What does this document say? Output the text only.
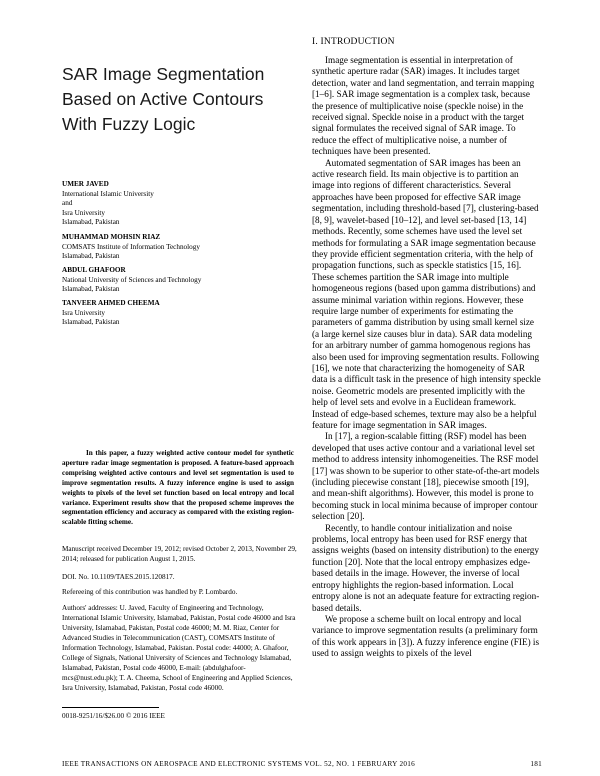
SAR Image Segmentation Based on Active Contours With Fuzzy Logic
UMER JAVED
International Islamic University
and
Isra University
Islamabad, Pakistan
MUHAMMAD MOHSIN RIAZ
COMSATS Institute of Information Technology
Islamabad, Pakistan
ABDUL GHAFOOR
National University of Sciences and Technology
Islamabad, Pakistan
TANVEER AHMED CHEEMA
Isra University
Islamabad, Pakistan

In this paper, a fuzzy weighted active contour model for synthetic aperture radar image segmentation is proposed. A feature-based approach comprising weighted active contours and level set segmentation is used to improve segmentation results. A fuzzy inference engine is used to assign weights to pixels of the level set function based on local entropy and local variance. Experiment results show that the proposed scheme improves the segmentation efficiency and accuracy as compared with the existing region-scalable fitting scheme.

Manuscript received December 19, 2012; revised October 2, 2013, November 29, 2014; released for publication August 1, 2015.

DOI. No. 10.1109/TAES.2015.120817.

Refereeing of this contribution was handled by P. Lombardo.

Authors' addresses: U. Javed, Faculty of Engineering and Technology, International Islamic University, Islamabad, Pakistan, Postal code 46000 and Isra University, Islamabad, Pakistan, Postal code 46000; M. M. Riaz, Center for Advanced Studies in Telecommunication (CAST), COMSATS Institute of Information Technology, Islamabad, Pakistan. Postal code: 44000; A. Ghafoor, College of Signals, National University of Sciences and Technology Islamabad, Islamabad, Pakistan, Postal code 46000, E-mail: (abdulghafoor-mcs@nust.edu.pk); T. A. Cheema, School of Engineering and Applied Sciences, Isra University, Islamabad, Pakistan, Postal code 46000.

0018-9251/16/$26.00 © 2016 IEEE
I. INTRODUCTION

Image segmentation is essential in interpretation of synthetic aperture radar (SAR) images. It includes target detection, water and land segmentation, and terrain mapping [1–6]. SAR image segmentation is a complex task, because the presence of multiplicative noise (speckle noise) in the received signal. Speckle noise in a product with the target signal formulates the received signal of SAR image. To reduce the effect of multiplicative noise, a number of techniques have been presented.

Automated segmentation of SAR images has been an active research field. Its main objective is to partition an image into regions of different characteristics. Several approaches have been proposed for effective SAR image segmentation, including threshold-based [7], clustering-based [8, 9], wavelet-based [10–12], and level set-based [13, 14] methods. Recently, some schemes have used the level set methods for formulating a SAR image segmentation because they provide efficient segmentation criteria, with the help of propagation functions, such as speckle statistics [15, 16]. These schemes partition the SAR image into multiple homogeneous regions (based upon gamma distributions) and assume minimal variation within regions. However, these require large number of experiments for estimating the parameters of gamma distribution by using small kernel size (a large kernel size causes blur in data). SAR data modeling for an arbitrary number of gamma homogenous regions has also been used for improving segmentation results. Following [16], we note that characterizing the homogeneity of SAR data is a difficult task in the presence of high intensity speckle noise. Geometric models are presented implicitly with the help of level sets and evolve in a Euclidean framework. Instead of edge-based schemes, texture may also be a helpful feature for image segmentation in SAR images.

In [17], a region-scalable fitting (RSF) model has been developed that uses active contour and a variational level set method to address intensity inhomogeneities. The RSF model [17] was shown to be superior to other state-of-the-art models (including piecewise constant [18], piecewise smooth [19], and mean-shift algorithms). However, this model is prone to becoming stuck in local minima because of improper contour selection [20].

Recently, to handle contour initialization and noise problems, local entropy has been used for RSF energy that assigns weights (based on intensity distribution) to the energy function [20]. Note that the local entropy emphasizes edge-based details in the image. However, the inverse of local entropy highlights the region-based information. Local entropy alone is not an adequate feature for extracting region-based details.

We propose a scheme built on local entropy and local variance to improve segmentation results (a preliminary form of this work appears in [3]). A fuzzy inference engine (FIE) is used to assign weights to pixels of the level

IEEE TRANSACTIONS ON AEROSPACE AND ELECTRONIC SYSTEMS VOL. 52, NO. 1 FEBRUARY 2016	181
